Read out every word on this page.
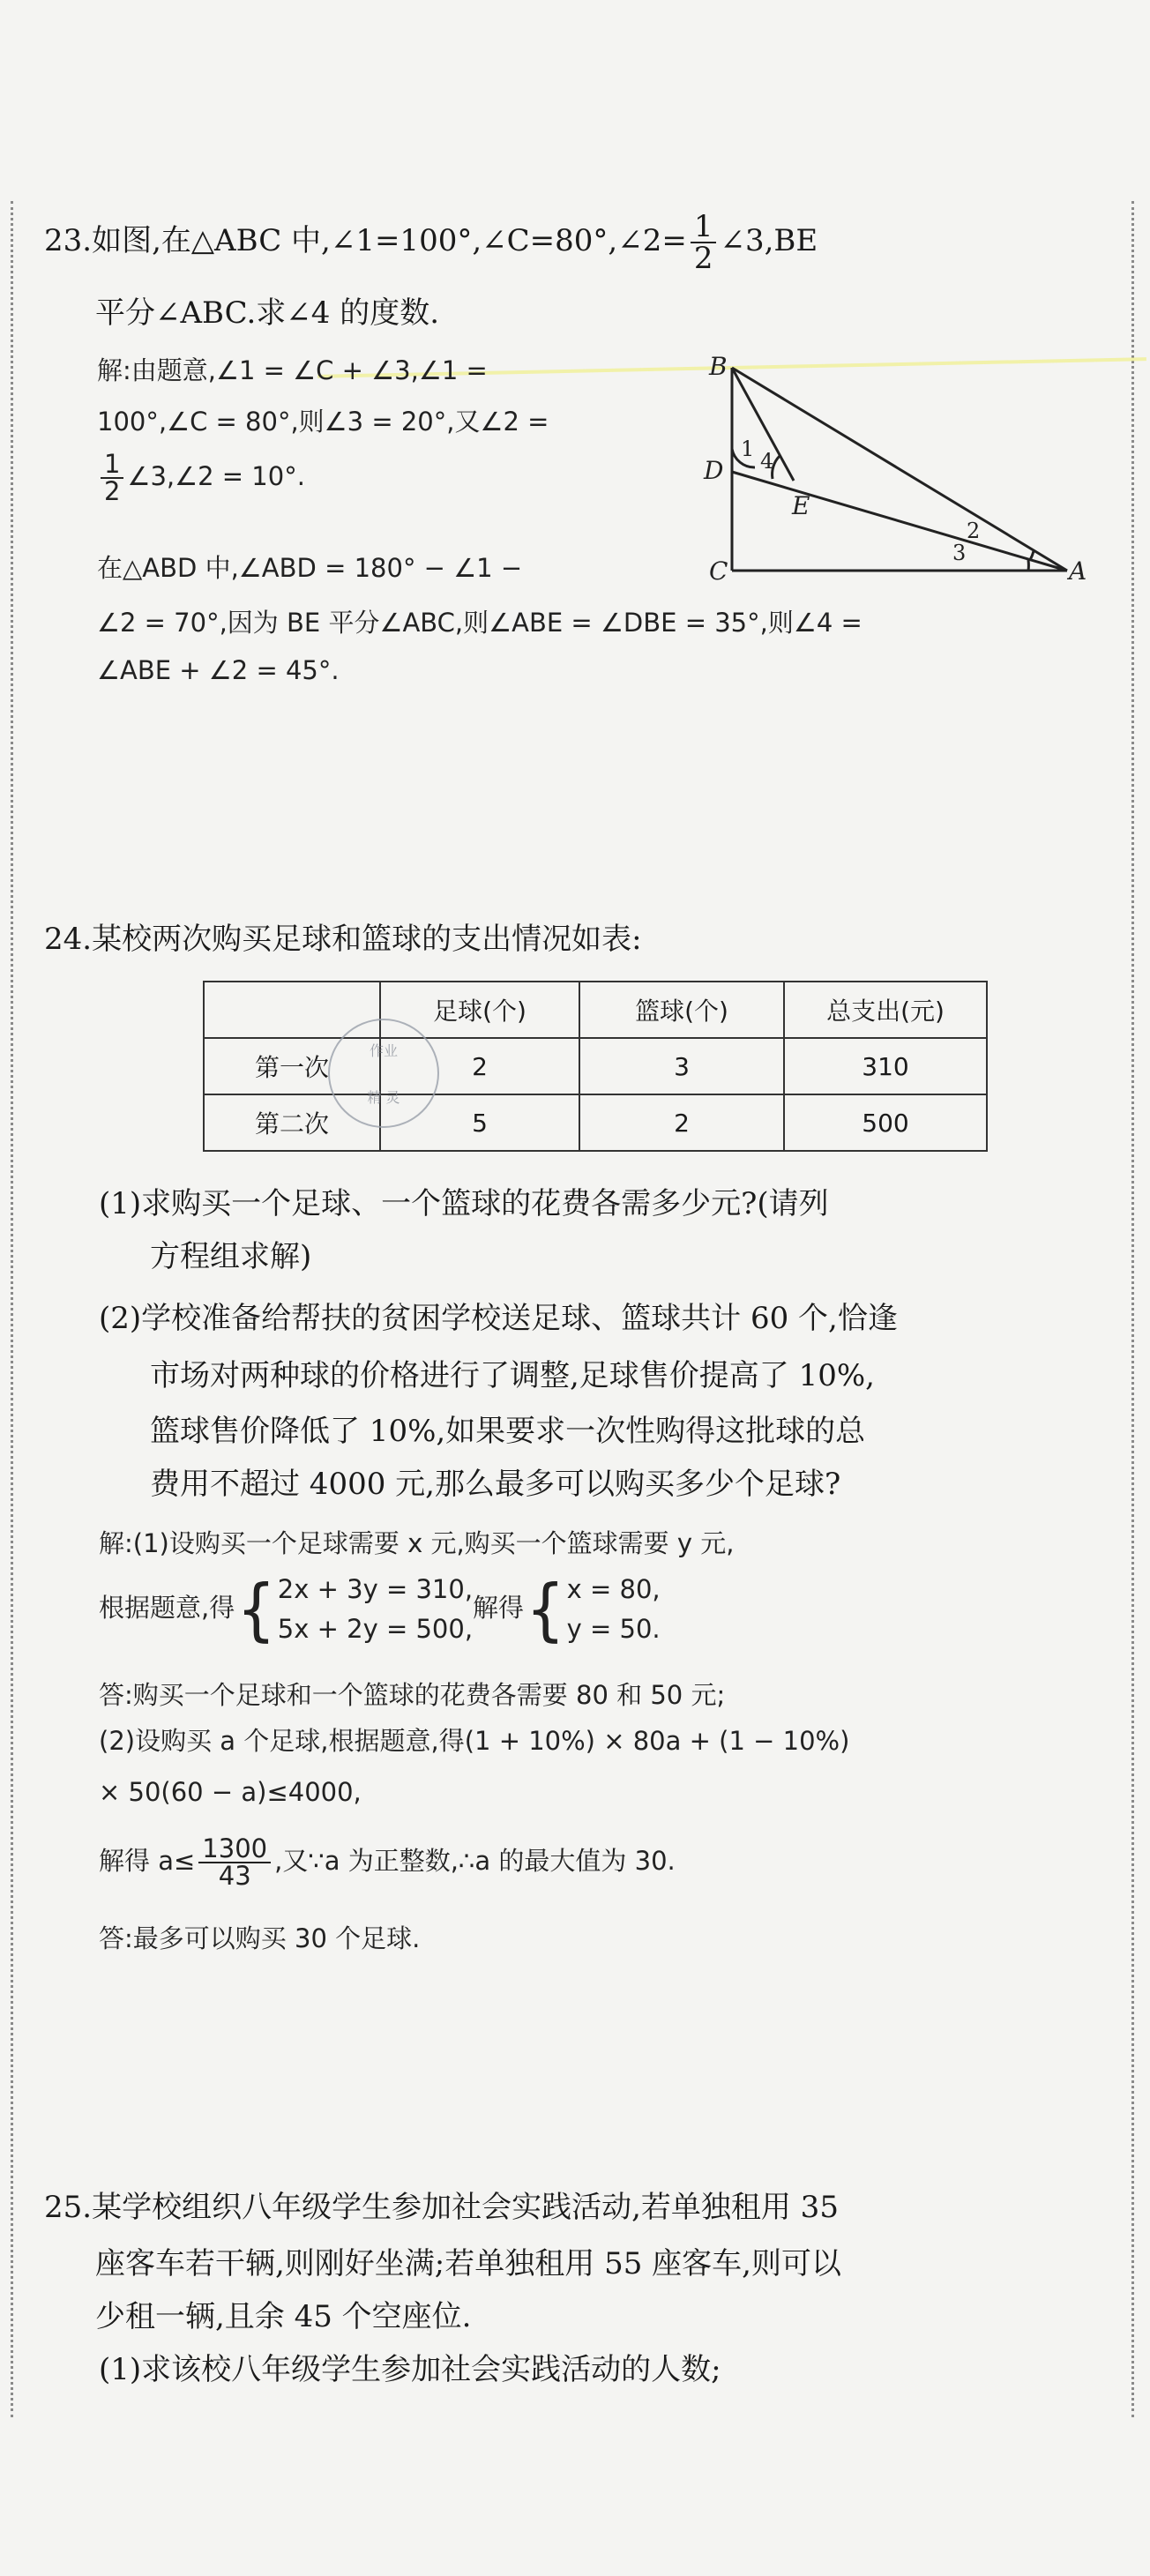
23.如图,在△ABC 中,∠1=100°,∠C=80°,∠2= $\frac{1}{2}$ ∠3,BE
平分∠ABC.求∠4 的度数.
解:由题意,∠1 = ∠C + ∠3,∠1 =
100°,∠C = 80°,则∠3 = 20°,又∠2 =
$\frac{1}{2}$ ∠3,∠2 = 10°.
在△ABD 中,∠ABD = 180° − ∠1 −
∠2 = 70°,因为 BE 平分∠ABC,则∠ABE = ∠DBE = 35°,则∠4 =
∠ABE + ∠2 = 45°.
B
D
C	A
E
1 4
2
3
24.某校两次购买足球和篮球的支出情况如表:
	足球(个)	篮球(个)	总支出(元)
第一次	2	3	310
第二次	5	2	500
作业
精 灵
(1)求购买一个足球、一个篮球的花费各需多少元?(请列
方程组求解)
(2)学校准备给帮扶的贫困学校送足球、篮球共计 60 个,恰逢
市场对两种球的价格进行了调整,足球售价提高了 10%,
篮球售价降低了 10%,如果要求一次性购得这批球的总
费用不超过 4000 元,那么最多可以购买多少个足球?
解:(1)设购买一个足球需要 x 元,购买一个篮球需要 y 元,
根据题意,得{ 2x + 3y = 310,
5x + 2y = 500,
解得{ x = 80,
y = 50.
答:购买一个足球和一个篮球的花费各需要 80 和 50 元;
(2)设购买 a 个足球,根据题意,得(1 + 10%) × 80a + (1 − 10%)
× 50(60 − a)≤4000,
解得 $a\le \frac{1300}{43}$ ,又∵a 为正整数,∴a 的最大值为 30.
答:最多可以购买 30 个足球.
25.某学校组织八年级学生参加社会实践活动,若单独租用 35
座客车若干辆,则刚好坐满;若单独租用 55 座客车,则可以
少租一辆,且余 45 个空座位.
(1)求该校八年级学生参加社会实践活动的人数;
